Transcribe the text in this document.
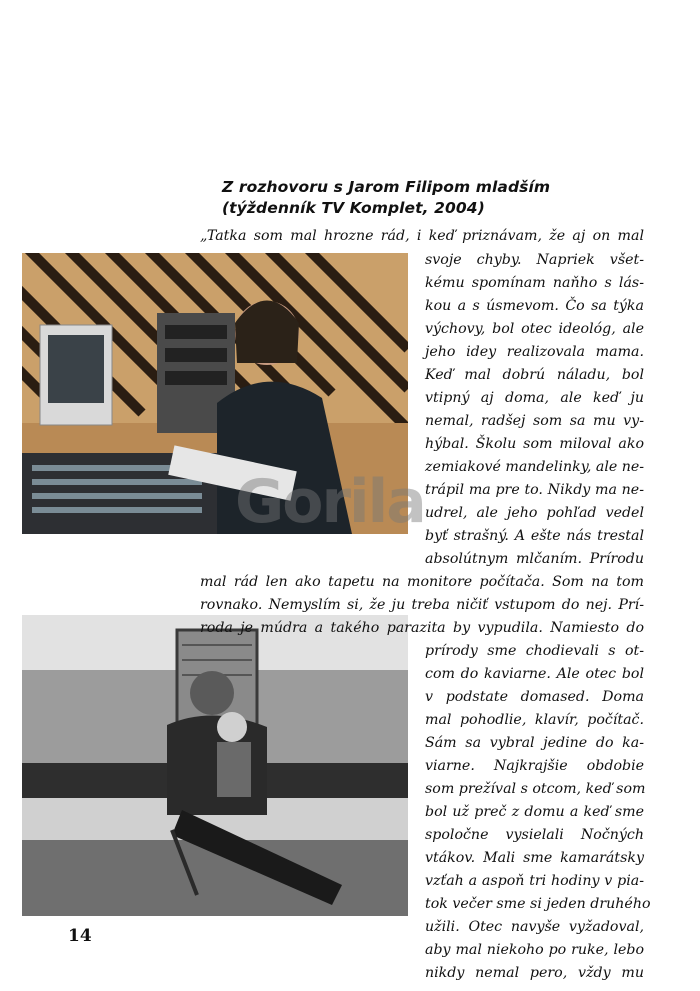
Z rozhovoru s Jarom Filipom mladším
(týždenník TV Komplet, 2004)
Gorila
„Tatka som mal hrozne rád, i keď priznávam, že aj on mal
svoje chyby. Napriek všet-
kému spomínam naňho s lás-
kou a s úsmevom. Čo sa týka
výchovy, bol otec ideológ, ale
jeho idey realizovala mama.
Keď mal dobrú náladu, bol
vtipný aj doma, ale keď ju
nemal, radšej som sa mu vy-
hýbal. Školu som miloval ako
zemiakové mandelinky, ale ne-
trápil ma pre to. Nikdy ma ne-
udrel, ale jeho pohľad vedel
byť strašný. A ešte nás trestal
absolútnym mlčaním. Prírodu
mal rád len ako tapetu na monitore počítača. Som na tom
rovnako. Nemyslím si, že ju treba ničiť vstupom do nej. Prí-
roda je múdra a takého parazita by vypudila. Namiesto do
prírody sme chodievali s ot-
com do kaviarne. Ale otec bol
v podstate domased. Doma
mal pohodlie, klavír, počítač.
Sám sa vybral jedine do ka-
viarne. Najkrajšie obdobie
som prežíval s otcom, keď som
bol už preč z domu a keď sme
spoločne vysielali Nočných
vtákov. Mali sme kamarátsky
vzťah a aspoň tri hodiny v pia-
tok večer sme si jeden druhého
užili. Otec navyše vyžadoval,
aby mal niekoho po ruke, lebo
nikdy nemal pero, vždy mu
14
